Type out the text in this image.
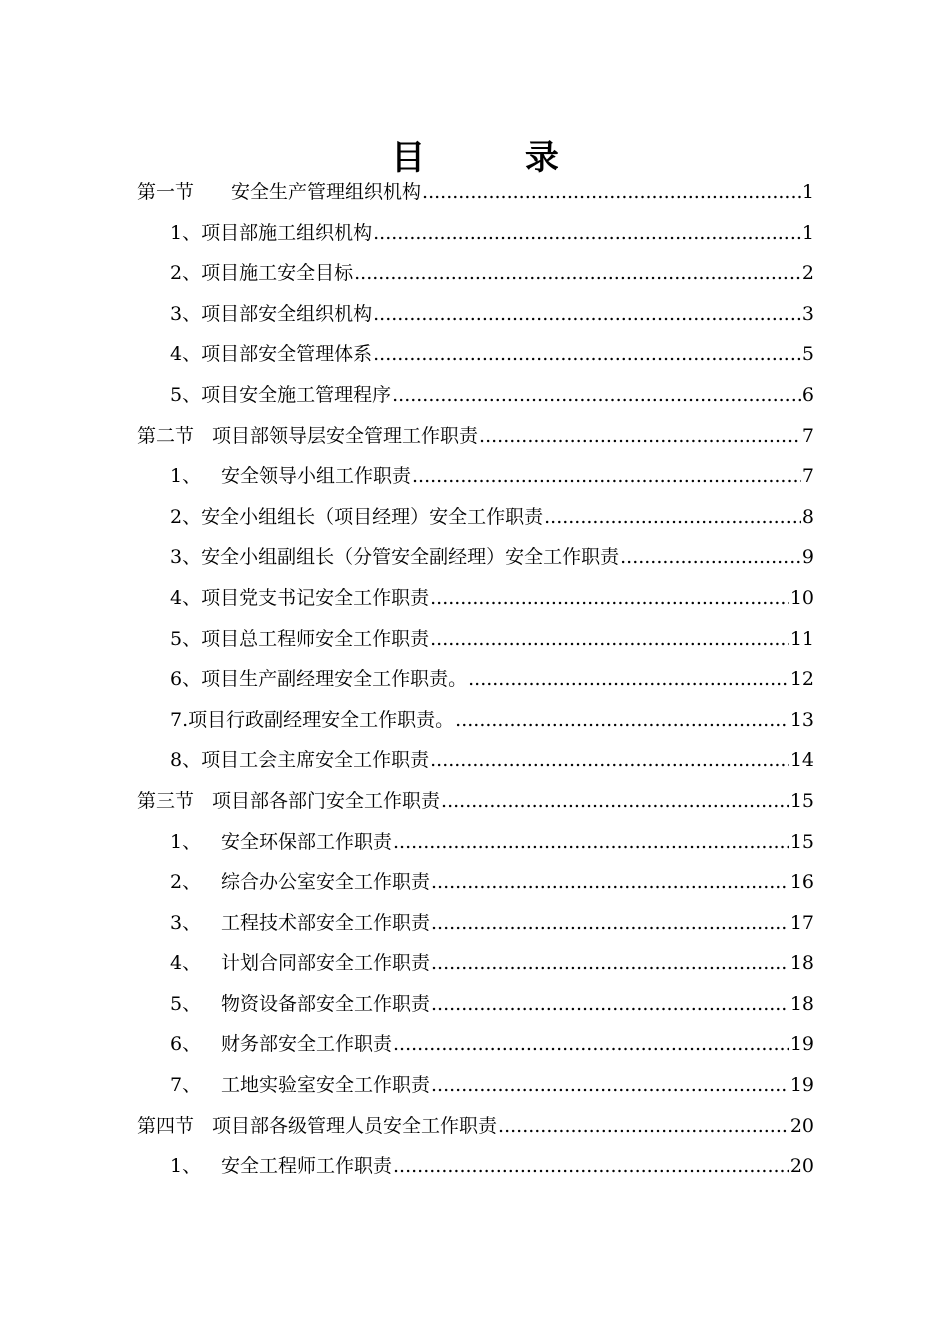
目 录
第一节　安全生产管理组织机构 .....	1
1、项目部施工组织机构 .....	1
2、项目施工安全目标 .....	2
3、项目部安全组织机构 .....	3
4、项目部安全管理体系 .....	5
5、项目安全施工管理程序 .....	6
第二节 项目部领导层安全管理工作职责 .....	7
1、 安全领导小组工作职责 .....	7
2、安全小组组长（项目经理）安全工作职责 .....	8
3、安全小组副组长（分管安全副经理）安全工作职责 .....	9
4、项目党支书记安全工作职责 .....	10
5、项目总工程师安全工作职责 .....	11
6、项目生产副经理安全工作职责。 .....	12
7.项目行政副经理安全工作职责。 .....	13
8、项目工会主席安全工作职责 .....	14
第三节 项目部各部门安全工作职责 .....	15
1、 安全环保部工作职责 .....	15
2、 综合办公室安全工作职责 .....	16
3、 工程技术部安全工作职责 .....	17
4、 计划合同部安全工作职责 .....	18
5、 物资设备部安全工作职责 .....	18
6、 财务部安全工作职责 .....	19
7、 工地实验室安全工作职责 .....	19
第四节 项目部各级管理人员安全工作职责 .....	20
1、 安全工程师工作职责 .....	20
